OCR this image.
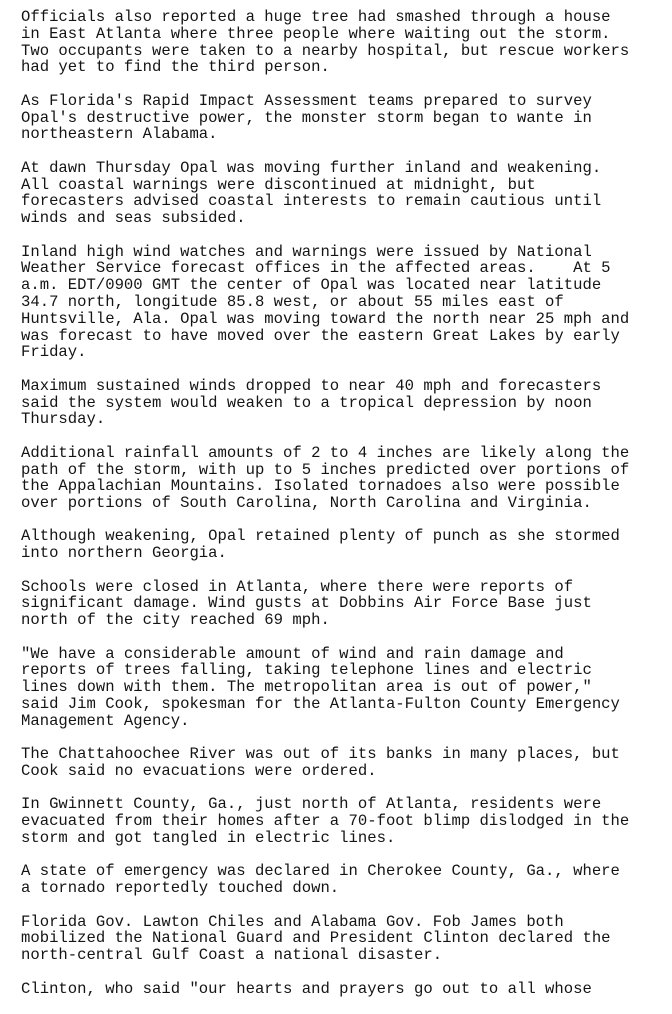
Officials also reported a huge tree had smashed through a house
in East Atlanta where three people where waiting out the storm.
Two occupants were taken to a nearby hospital, but rescue workers
had yet to find the third person.
As Florida's Rapid Impact Assessment teams prepared to survey
Opal's destructive power, the monster storm began to wante in
northeastern Alabama.
At dawn Thursday Opal was moving further inland and weakening.
All coastal warnings were discontinued at midnight, but
forecasters advised coastal interests to remain cautious until
winds and seas subsided.
Inland high wind watches and warnings were issued by National
Weather Service forecast offices in the affected areas.    At 5
a.m. EDT/0900 GMT the center of Opal was located near latitude
34.7 north, longitude 85.8 west, or about 55 miles east of
Huntsville, Ala. Opal was moving toward the north near 25 mph and
was forecast to have moved over the eastern Great Lakes by early
Friday.
Maximum sustained winds dropped to near 40 mph and forecasters
said the system would weaken to a tropical depression by noon
Thursday.
Additional rainfall amounts of 2 to 4 inches are likely along the
path of the storm, with up to 5 inches predicted over portions of
the Appalachian Mountains. Isolated tornadoes also were possible
over portions of South Carolina, North Carolina and Virginia.
Although weakening, Opal retained plenty of punch as she stormed
into northern Georgia.
Schools were closed in Atlanta, where there were reports of
significant damage. Wind gusts at Dobbins Air Force Base just
north of the city reached 69 mph.
"We have a considerable amount of wind and rain damage and
reports of trees falling, taking telephone lines and electric
lines down with them. The metropolitan area is out of power,"
said Jim Cook, spokesman for the Atlanta-Fulton County Emergency
Management Agency.
The Chattahoochee River was out of its banks in many places, but
Cook said no evacuations were ordered.
In Gwinnett County, Ga., just north of Atlanta, residents were
evacuated from their homes after a 70-foot blimp dislodged in the
storm and got tangled in electric lines.
A state of emergency was declared in Cherokee County, Ga., where
a tornado reportedly touched down.
Florida Gov. Lawton Chiles and Alabama Gov. Fob James both
mobilized the National Guard and President Clinton declared the
north-central Gulf Coast a national disaster.
Clinton, who said "our hearts and prayers go out to all whose
